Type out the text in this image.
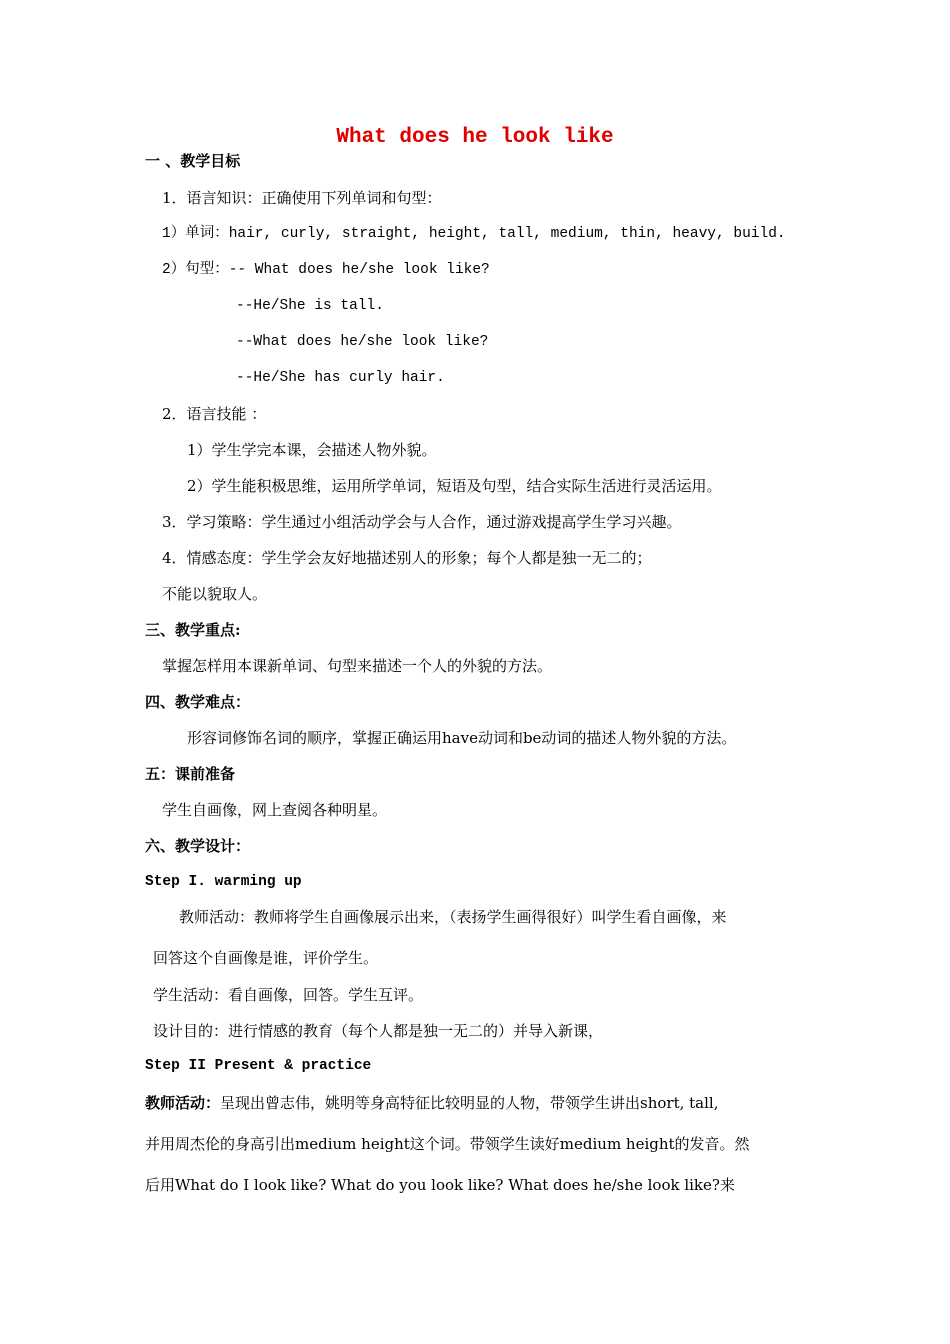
What does he look like
一 、教学目标
1．语言知识：正确使用下列单词和句型：
1）单词：hair, curly, straight, height, tall, medium, thin, heavy, build.
2）句型：-- What does he/she look like?
--He/She is tall.
--What does he/she look like?
--He/She has curly hair.
2．语言技能 ：
1）学生学完本课，会描述人物外貌。
2）学生能积极思维，运用所学单词，短语及句型，结合实际生活进行灵活运用。
3．学习策略：学生通过小组活动学会与人合作，通过游戏提高学生学习兴趣。
4．情感态度：学生学会友好地描述别人的形象；每个人都是独一无二的；
不能以貌取人。
三、教学重点:
掌握怎样用本课新单词、句型来描述一个人的外貌的方法。
四、教学难点：
形容词修饰名词的顺序，掌握正确运用have动词和be动词的描述人物外貌的方法。
五：课前准备
学生自画像，网上查阅各种明星。
六、教学设计：
Step I. warming up
教师活动：教师将学生自画像展示出来，（表扬学生画得很好）叫学生看自画像，来
回答这个自画像是谁，评价学生。
学生活动：看自画像，回答。学生互评。
设计目的：进行情感的教育（每个人都是独一无二的）并导入新课，
Step II Present & practice
教师活动：呈现出曾志伟，姚明等身高特征比较明显的人物，带领学生讲出short, tall,
并用周杰伦的身高引出medium height这个词。带领学生读好medium height的发音。然
后用What do I look like? What do you look like? What does he/she look like?来
